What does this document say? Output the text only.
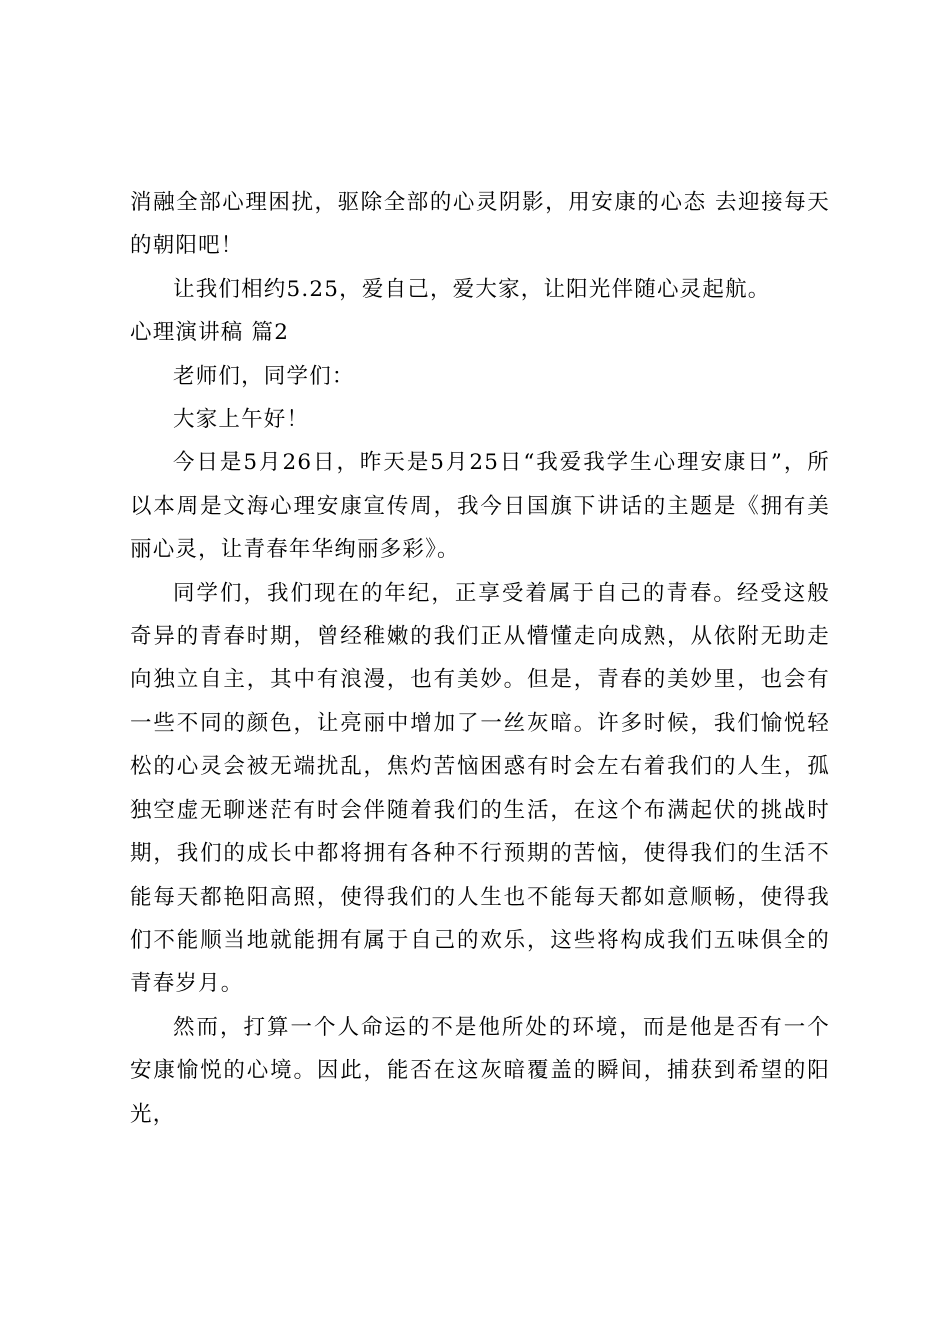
消融全部心理困扰，驱除全部的心灵阴影，用安康的心态 去迎接每天的朝阳吧！

让我们相约5.25，爱自己，爱大家，让阳光伴随心灵起航。

心理演讲稿 篇2

老师们，同学们：

大家上午好！

今日是5月26日，昨天是5月25日“我爱我学生心理安康日”，所以本周是文海心理安康宣传周，我今日国旗下讲话的主题是《拥有美丽心灵，让青春年华绚丽多彩》。

同学们，我们现在的年纪，正享受着属于自己的青春。经受这般奇异的青春时期，曾经稚嫩的我们正从懵懂走向成熟，从依附无助走向独立自主，其中有浪漫，也有美妙。但是，青春的美妙里，也会有一些不同的颜色，让亮丽中增加了一丝灰暗。许多时候，我们愉悦轻松的心灵会被无端扰乱，焦灼苦恼困惑有时会左右着我们的人生，孤独空虚无聊迷茫有时会伴随着我们的生活，在这个布满起伏的挑战时期，我们的成长中都将拥有各种不行预期的苦恼，使得我们的生活不能每天都艳阳高照，使得我们的人生也不能每天都如意顺畅，使得我们不能顺当地就能拥有属于自己的欢乐，这些将构成我们五味俱全的青春岁月。

然而，打算一个人命运的不是他所处的环境，而是他是否有一个安康愉悦的心境。因此，能否在这灰暗覆盖的瞬间，捕获到希望的阳光，
